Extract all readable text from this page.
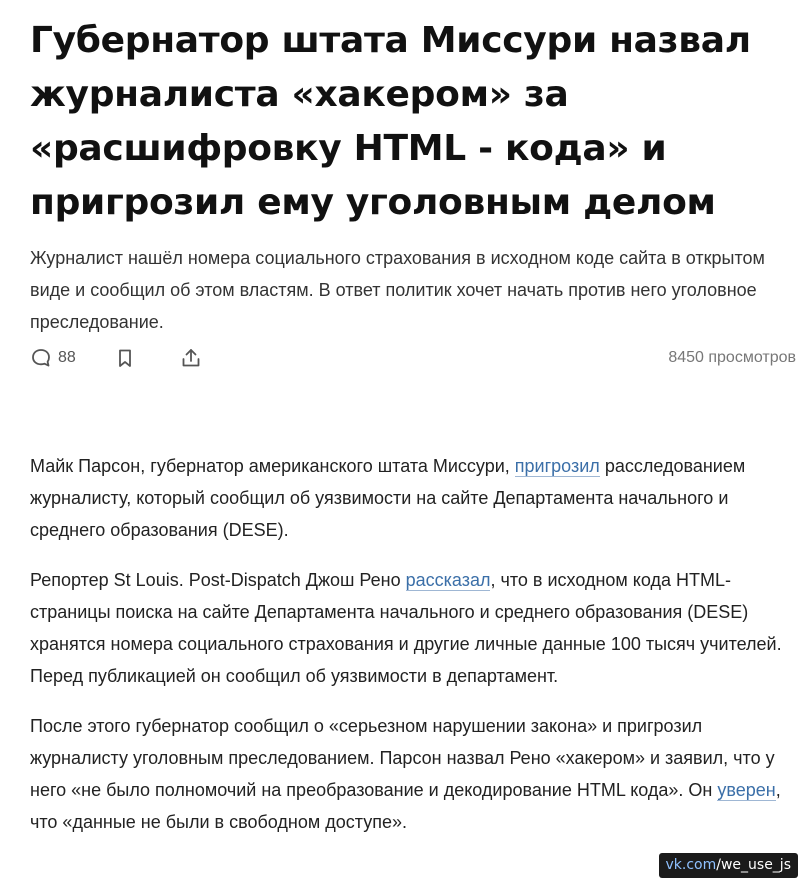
Губернатор штата Миссури назвал журналиста «хакером» за «расшифровку HTML - кода» и пригрозил ему уголовным делом

Журналист нашёл номера социального страхования в исходном коде сайта в открытом виде и сообщил об этом властям. В ответ политик хочет начать против него уголовное преследование.

88	8450 просмотров

Майк Парсон, губернатор американского штата Миссури, пригрозил расследованием журналисту, который сообщил об уязвимости на сайте Департамента начального и среднего образования (DESE).

Репортер St Louis. Post-Dispatch Джош Рено рассказал, что в исходном кода HTML-страницы поиска на сайте Департамента начального и среднего образования (DESE) хранятся номера социального страхования и другие личные данные 100 тысяч учителей. Перед публикацией он сообщил об уязвимости в департамент.

После этого губернатор сообщил о «серьезном нарушении закона» и пригрозил журналисту уголовным преследованием. Парсон назвал Рено «хакером» и заявил, что у него «не было полномочий на преобразование и декодирование HTML кода». Он уверен, что «данные не были в свободном доступе».

vk.com/we_use_js
